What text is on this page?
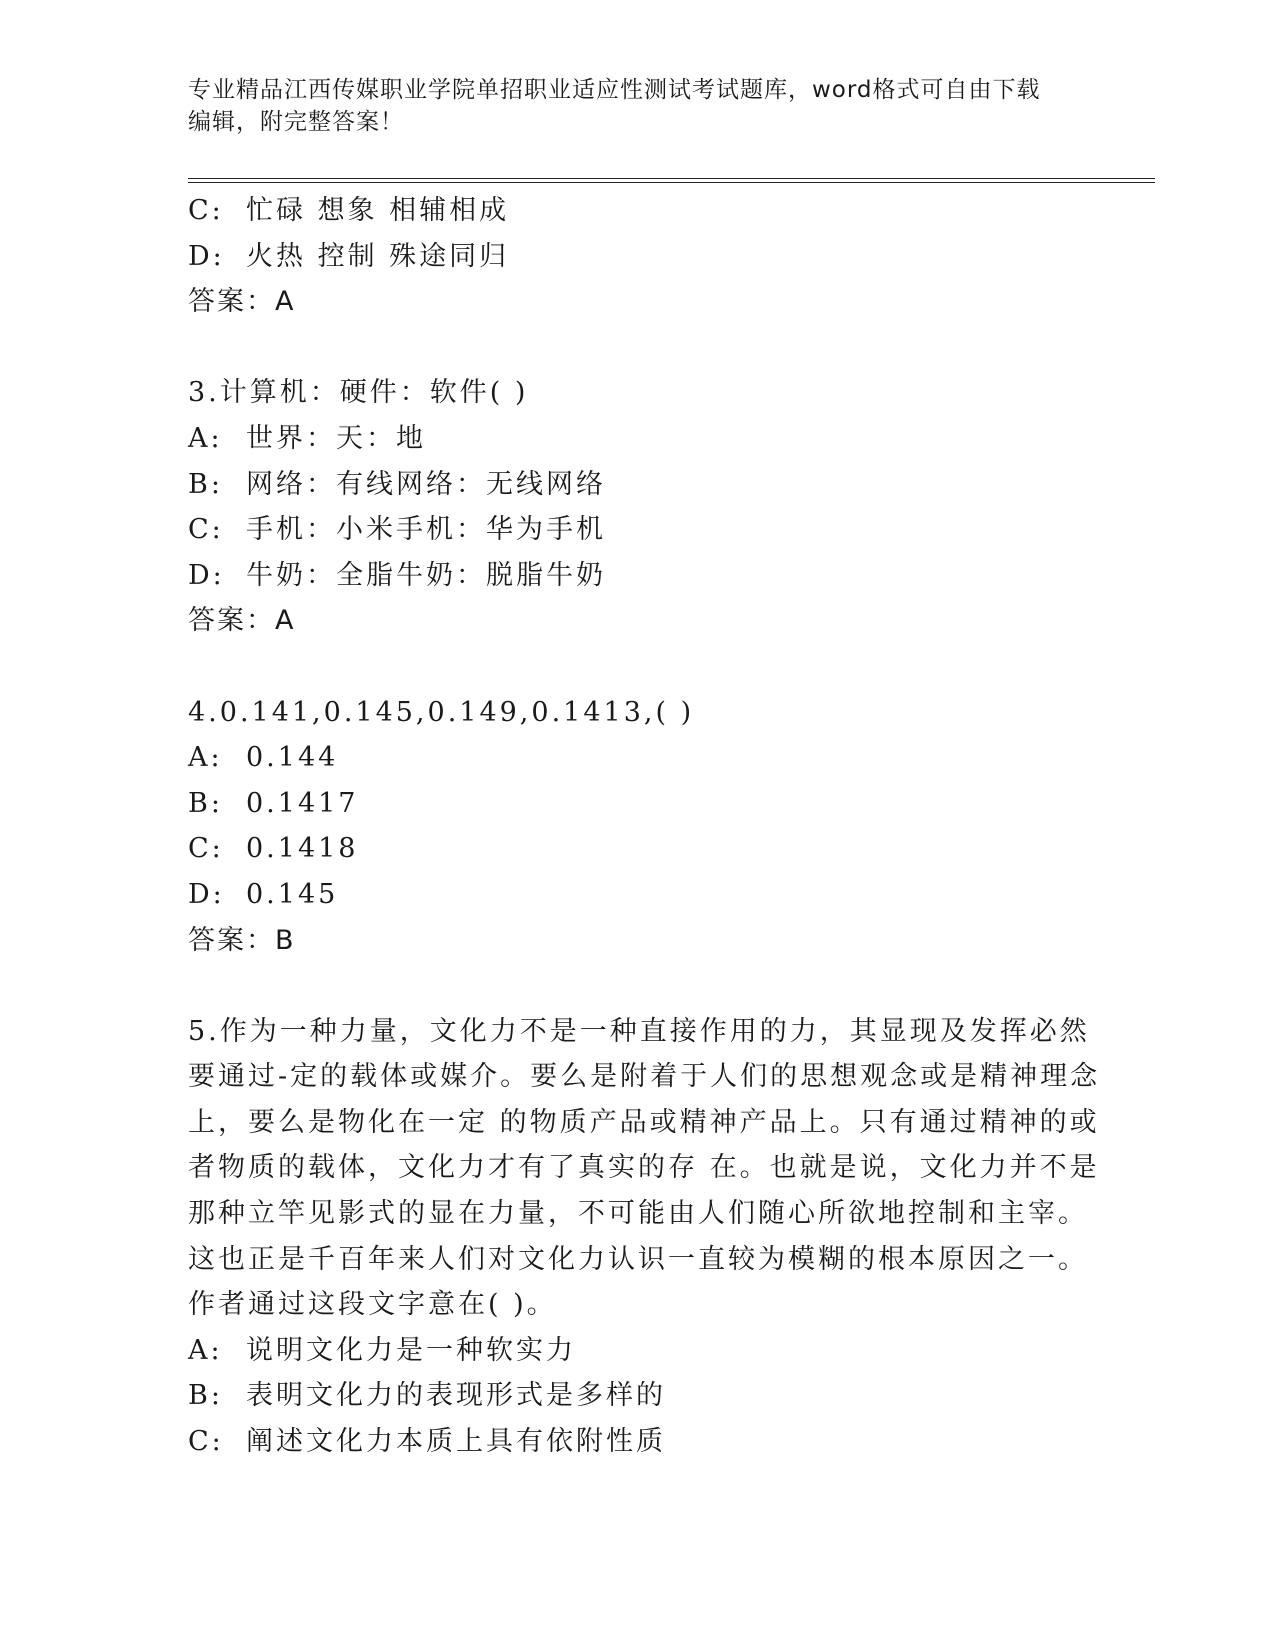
专业精品江西传媒职业学院单招职业适应性测试考试题库，word格式可自由下载
编辑，附完整答案！
C: 忙碌 想象 相辅相成
D: 火热 控制 殊途同归
答案：A
3.计算机：硬件：软件( )
A: 世界：天：地
B: 网络：有线网络：无线网络
C: 手机：小米手机：华为手机
D: 牛奶：全脂牛奶：脱脂牛奶
答案：A
4.0.141,0.145,0.149,0.1413,( )
A: 0.144
B: 0.1417
C: 0.1418
D: 0.145
答案：B
5.作为一种力量，文化力不是一种直接作用的力，其显现及发挥必然
要通过-定的载体或媒介。要么是附着于人们的思想观念或是精神理念
上，要么是物化在一定 的物质产品或精神产品上。只有通过精神的或
者物质的载体，文化力才有了真实的存 在。也就是说，文化力并不是
那种立竿见影式的显在力量，不可能由人们随心所欲地控制和主宰。
这也正是千百年来人们对文化力认识一直较为模糊的根本原因之一。
作者通过这段文字意在( )。
A: 说明文化力是一种软实力
B: 表明文化力的表现形式是多样的
C: 阐述文化力本质上具有依附性质
